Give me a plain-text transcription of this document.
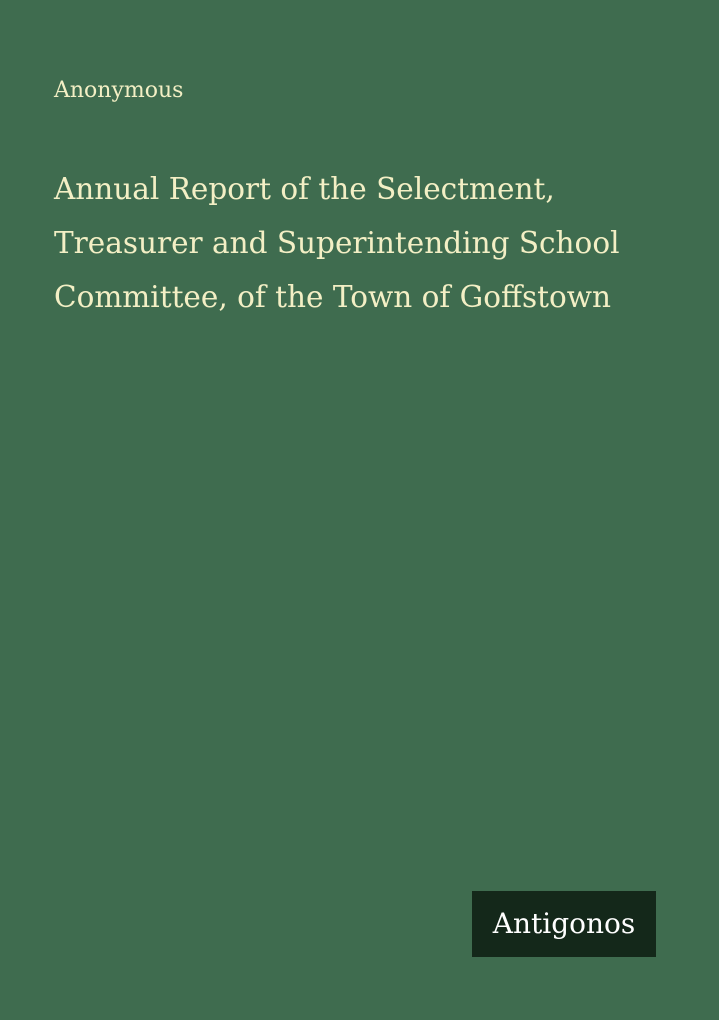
Anonymous

Annual Report of the Selectment, Treasurer and Superintending School Committee, of the Town of Goffstown
Antigonos
